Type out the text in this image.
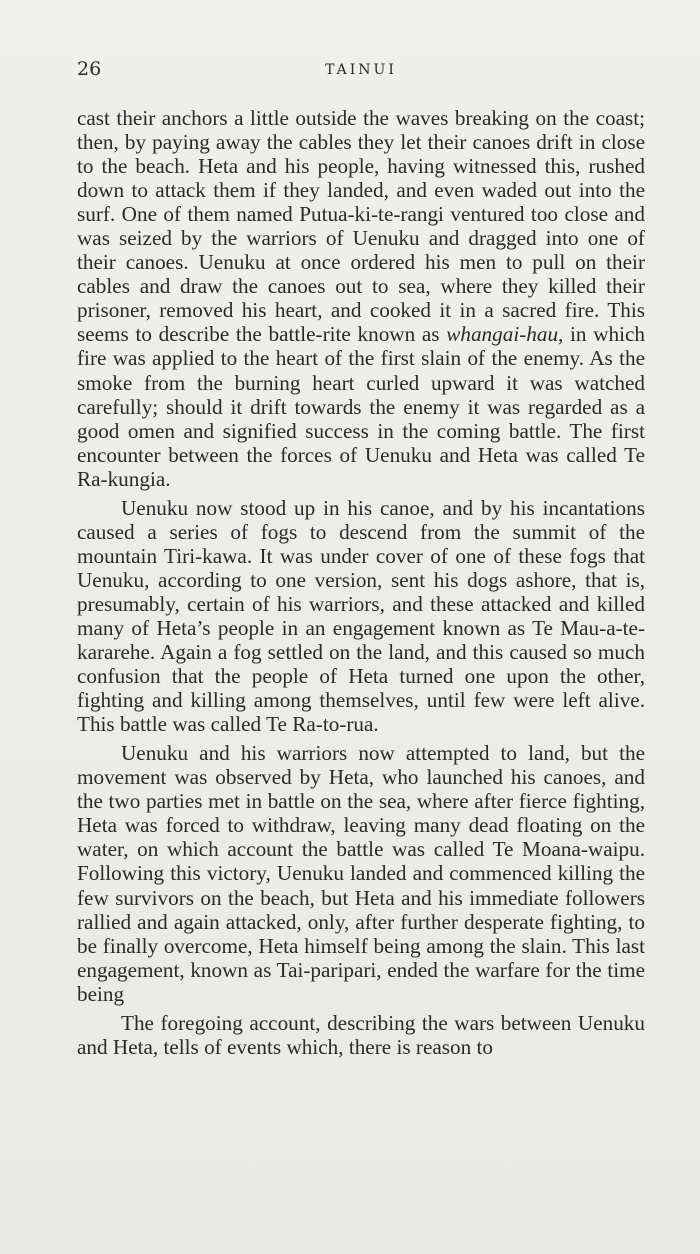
26	TAINUI

cast their anchors a little outside the waves breaking on the coast; then, by paying away the cables they let their canoes drift in close to the beach. Heta and his people, having witnessed this, rushed down to attack them if they landed, and even waded out into the surf. One of them named Putua-ki-te-rangi ventured too close and was seized by the warriors of Uenuku and dragged into one of their canoes. Uenuku at once ordered his men to pull on their cables and draw the canoes out to sea, where they killed their prisoner, removed his heart, and cooked it in a sacred fire. This seems to describe the battle-rite known as whangai-hau, in which fire was applied to the heart of the first slain of the enemy. As the smoke from the burning heart curled upward it was watched carefully; should it drift towards the enemy it was regarded as a good omen and signified success in the coming battle. The first encounter between the forces of Uenuku and Heta was called Te Ra-kungia.

Uenuku now stood up in his canoe, and by his incantations caused a series of fogs to descend from the summit of the mountain Tiri-kawa. It was under cover of one of these fogs that Uenuku, according to one version, sent his dogs ashore, that is, presumably, certain of his warriors, and these attacked and killed many of Heta’s people in an engagement known as Te Mau-a-te-kararehe. Again a fog settled on the land, and this caused so much confusion that the people of Heta turned one upon the other, fighting and killing among themselves, until few were left alive. This battle was called Te Ra-to-rua.

Uenuku and his warriors now attempted to land, but the movement was observed by Heta, who launched his canoes, and the two parties met in battle on the sea, where after fierce fighting, Heta was forced to withdraw, leaving many dead floating on the water, on which account the battle was called Te Moana-waipu. Following this victory, Uenuku landed and commenced killing the few survivors on the beach, but Heta and his immediate followers rallied and again attacked, only, after further desperate fighting, to be finally overcome, Heta himself being among the slain. This last engagement, known as Tai-paripari, ended the warfare for the time being

The foregoing account, describing the wars between Uenuku and Heta, tells of events which, there is reason to
